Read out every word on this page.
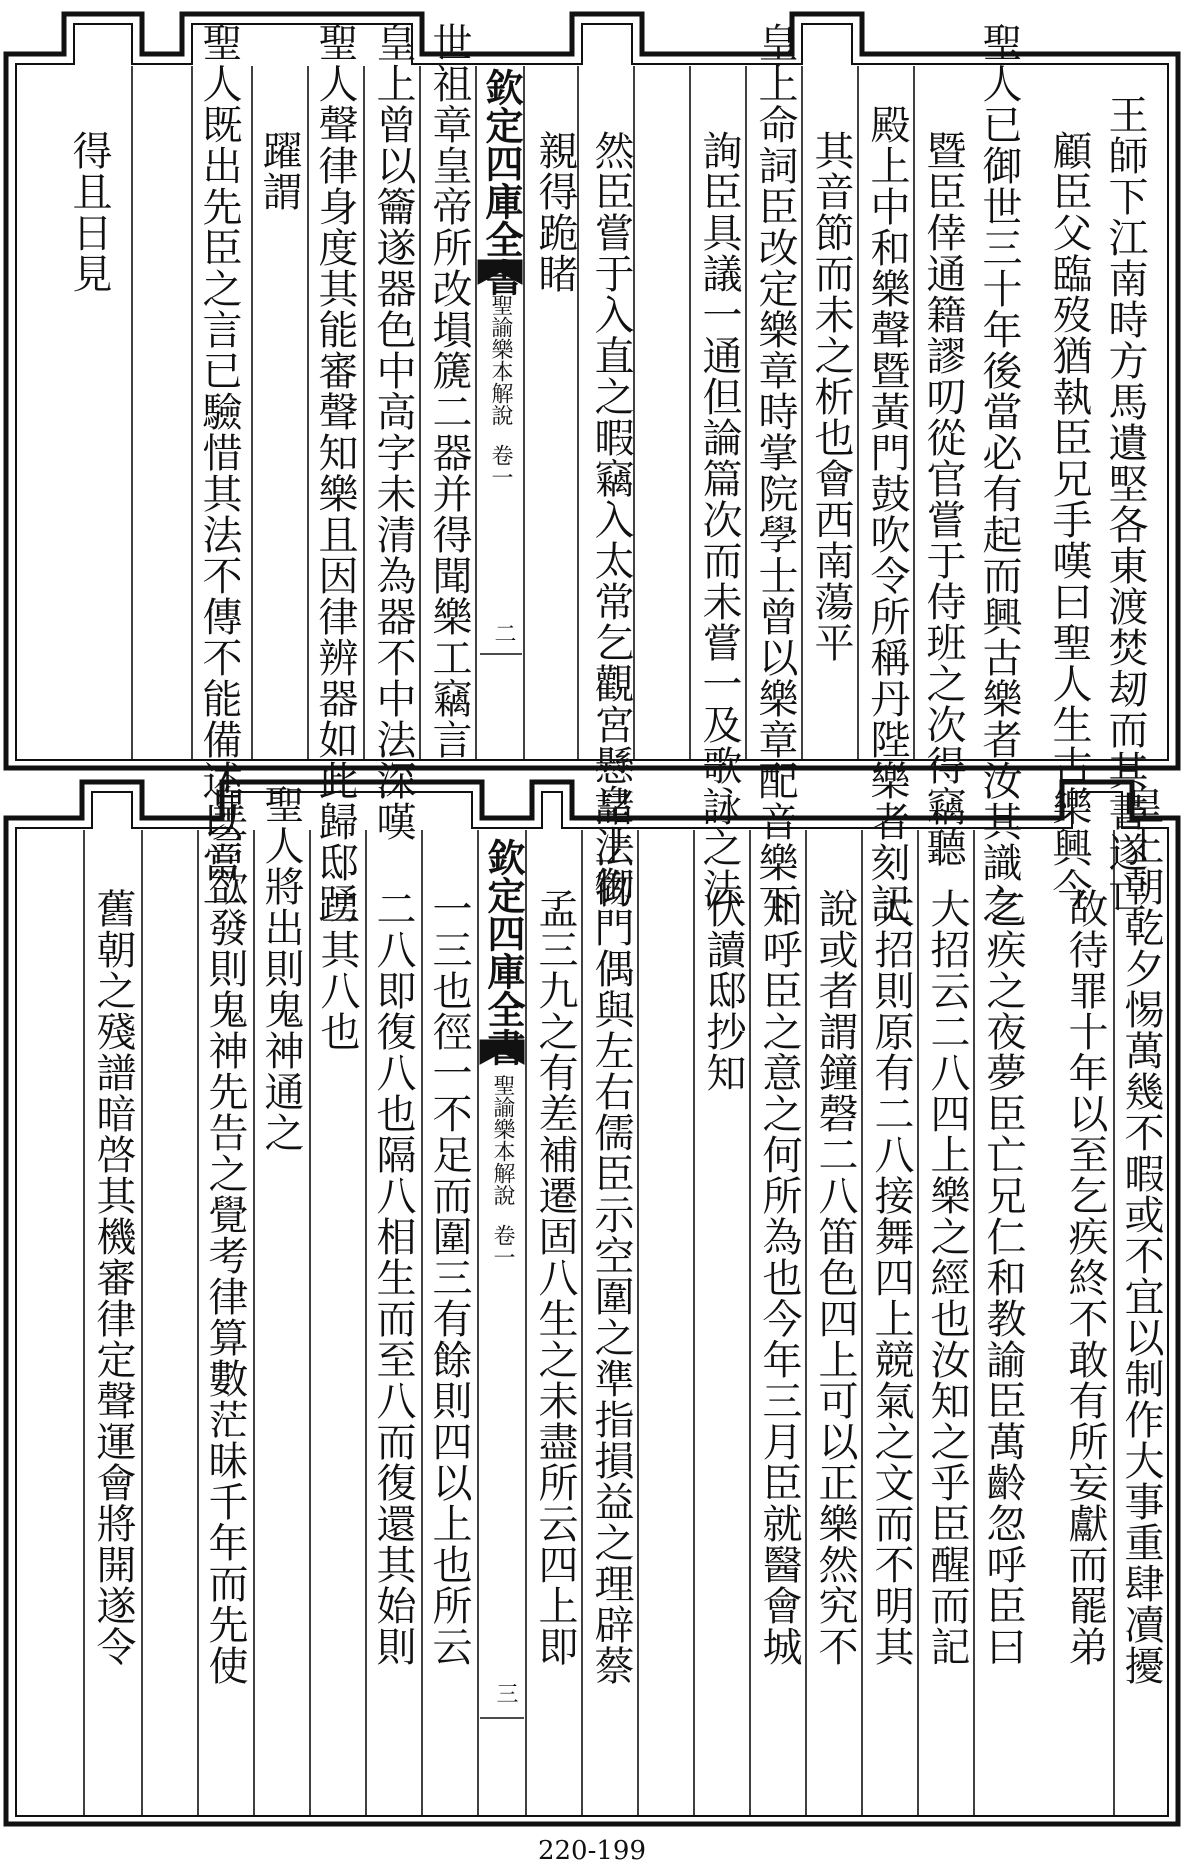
欽定四庫全書
聖諭樂本解說
卷一
二	王師下江南時方馬遺𡌛各東渡焚刼而其書遂亡
顧臣父臨歿猶執臣兄手嘆曰聖人生古樂興今
聖人已御世三十年後當必有起而興古樂者汝其識之
暨臣倖通籍謬叨從官嘗于侍班之次得竊聽
殿上中和樂聲暨黃門鼓吹令所稱丹陛樂者刻記
其音節而未之析也會西南蕩平
皇上命詞臣改定樂章時掌院學士曾以樂章配音樂下
詢臣具議一通但論篇次而未嘗一及歌詠之法
然臣嘗于入直之暇竊入太常乞觀宮懸諸法物
親得跪睹
世祖章皇帝所改塤篪二器并得聞樂工竊言
皇上曾以籥遂器色中高字未清為器不中法深嘆
聖人聲律身度其能審聲知樂且因律辨器如此歸邸踴
躍謂
聖人既出先臣之言已驗惜其法不傳不能備述以當一
得且日見
欽定四庫全書
聖諭樂本解說
卷一
三
皇上朝乾夕惕萬幾不暇或不宜以制作大事重肆凟擾
故待罪十年以至乞疾終不敢有所妄獻而罷弟
乞疾之夜夢臣亡兄仁和教諭臣萬齡忽呼臣曰
大招云二八四上樂之經也汝知之乎臣醒而記
大招則原有二八接舞四上競氣之文而不明其
說或者謂鐘磬二八笛色四上可以正樂然究不
知呼臣之意之何所為也今年三月臣就醫會城
伏讀邸抄知
皇上御門偶與左右儒臣示空圍之準指損益之理辟蔡
孟三九之有差補遷固八生之未盡所云四上即
一三也徑一不足而圍三有餘則四以上也所云
二八即復八也隔八相生而至八而復還其始則
二其八也
聖人將出則鬼神通之
皇言欲發則鬼神先告之覺考律算數茫昧千年而先使
舊朝之殘譜暗啓其機審律定聲運會將開遂令
220-199
